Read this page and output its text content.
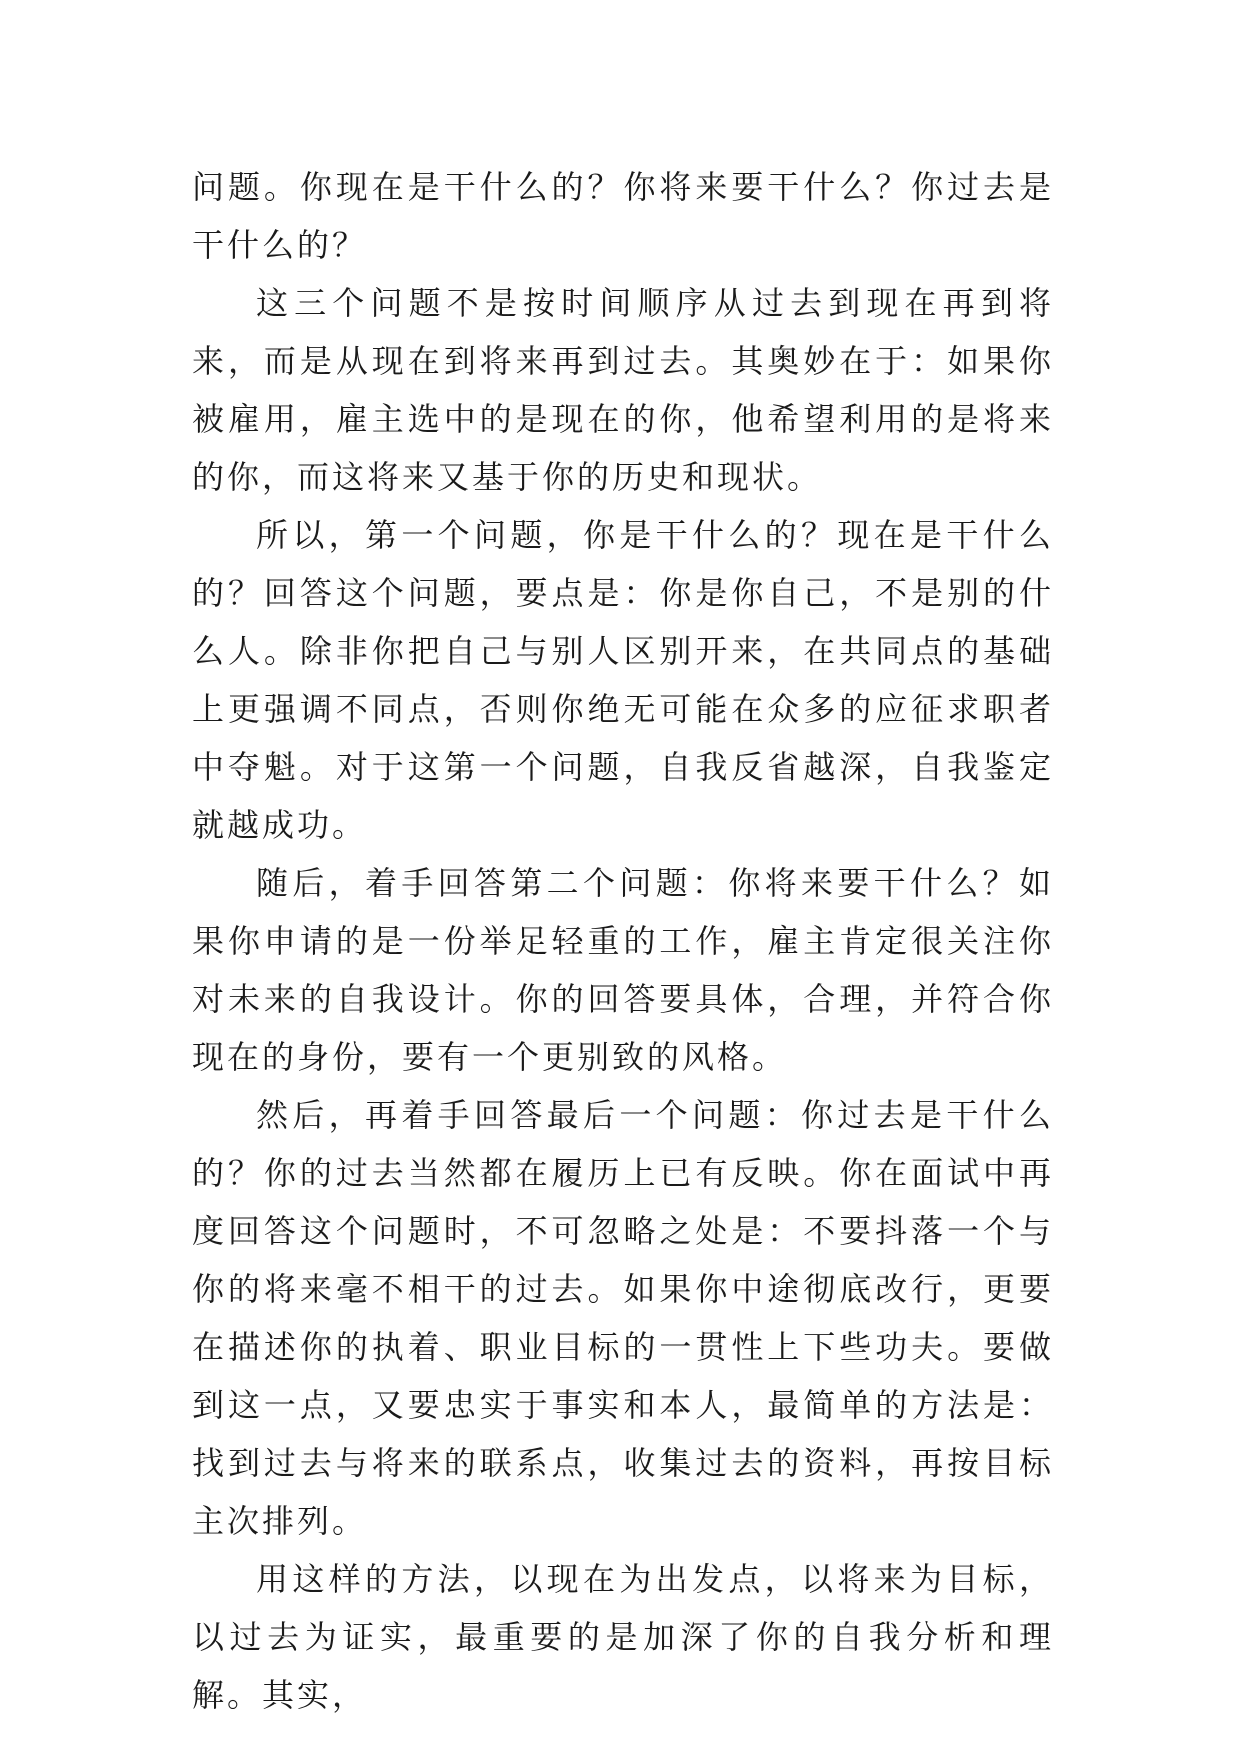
问题。你现在是干什么的？你将来要干什么？你过去是干什么的？

这三个问题不是按时间顺序从过去到现在再到将来，而是从现在到将来再到过去。其奥妙在于：如果你被雇用，雇主选中的是现在的你，他希望利用的是将来的你，而这将来又基于你的历史和现状。

所以，第一个问题，你是干什么的？现在是干什么的？回答这个问题，要点是：你是你自己，不是别的什么人。除非你把自己与别人区别开来，在共同点的基础上更强调不同点，否则你绝无可能在众多的应征求职者中夺魁。对于这第一个问题，自我反省越深，自我鉴定就越成功。

随后，着手回答第二个问题：你将来要干什么？如果你申请的是一份举足轻重的工作，雇主肯定很关注你对未来的自我设计。你的回答要具体，合理，并符合你现在的身份，要有一个更别致的风格。

然后，再着手回答最后一个问题：你过去是干什么的？你的过去当然都在履历上已有反映。你在面试中再度回答这个问题时，不可忽略之处是：不要抖落一个与你的将来毫不相干的过去。如果你中途彻底改行，更要在描述你的执着、职业目标的一贯性上下些功夫。要做到这一点，又要忠实于事实和本人，最简单的方法是：找到过去与将来的联系点，收集过去的资料，再按目标主次排列。

用这样的方法，以现在为出发点，以将来为目标，以过去为证实，最重要的是加深了你的自我分析和理解。其实，
